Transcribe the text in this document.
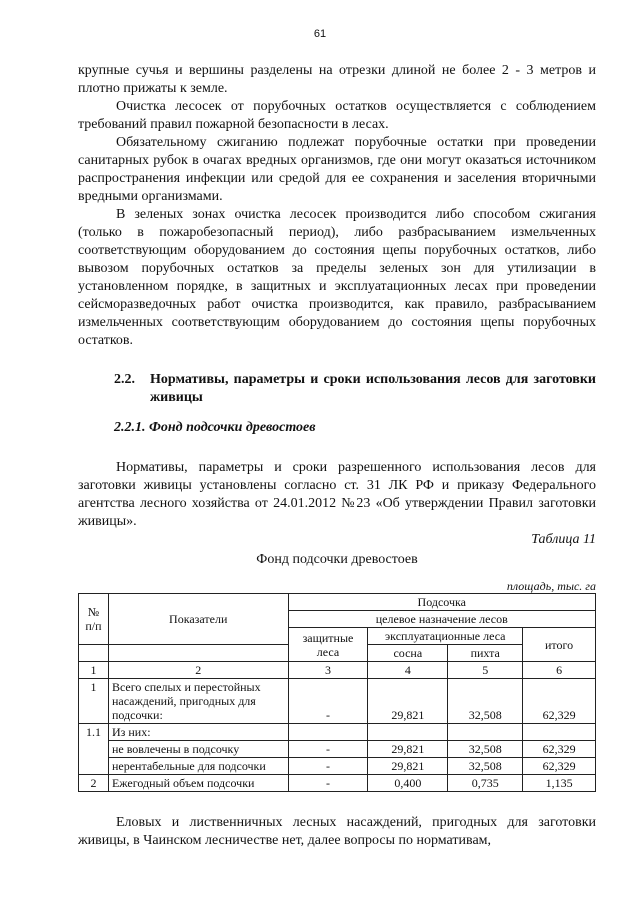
61

крупные сучья и вершины разделены на отрезки длиной не более 2 - 3 метров и плотно прижаты к земле.

Очистка лесосек от порубочных остатков осуществляется с соблюдением требований правил пожарной безопасности в лесах.

Обязательному сжиганию подлежат порубочные остатки при проведении санитарных рубок в очагах вредных организмов, где они могут оказаться источником распространения инфекции или средой для ее сохранения и заселения вторичными вредными организмами.

В зеленых зонах очистка лесосек производится либо способом сжигания (только в пожаробезопасный период), либо разбрасыванием измельченных соответствующим оборудованием до состояния щепы порубочных остатков, либо вывозом порубочных остатков за пределы зеленых зон для утилизации в установленном порядке, в защитных и эксплуатационных лесах при проведении сейсморазведочных работ очистка производится, как правило, разбрасыванием измельченных соответствующим оборудованием до состояния щепы порубочных остатков.

2.2.	Нормативы, параметры и сроки использования лесов для заготовки живицы
2.2.1. Фонд подсочки древостоев

Нормативы, параметры и сроки разрешенного использования лесов для заготовки живицы установлены согласно ст. 31 ЛК РФ и приказу Федерального агентства лесного хозяйства от 24.01.2012 №23 «Об утверждении Правил заготовки живицы».

Таблица 11
Фонд подсочки древостоев
площадь, тыс. га
№ п/п	Показатели	Подсочка			
		целевое назначение лесов			
		защитные леса	эксплуатационные леса		итого
			сосна	пихта	
1	2	3	4	5	6
1	Всего спелых и перестойных насаждений, пригодных для подсочки:	-	29,821	32,508	62,329
1.1	Из них:				
	не вовлечены в подсочку	-	29,821	32,508	62,329
	нерентабельные для подсочки	-	29,821	32,508	62,329
2	Ежегодный объем подсочки	-	0,400	0,735	1,135

Еловых и лиственничных лесных насаждений, пригодных для заготовки живицы, в Чаинском лесничестве нет, далее вопросы по нормативам,
